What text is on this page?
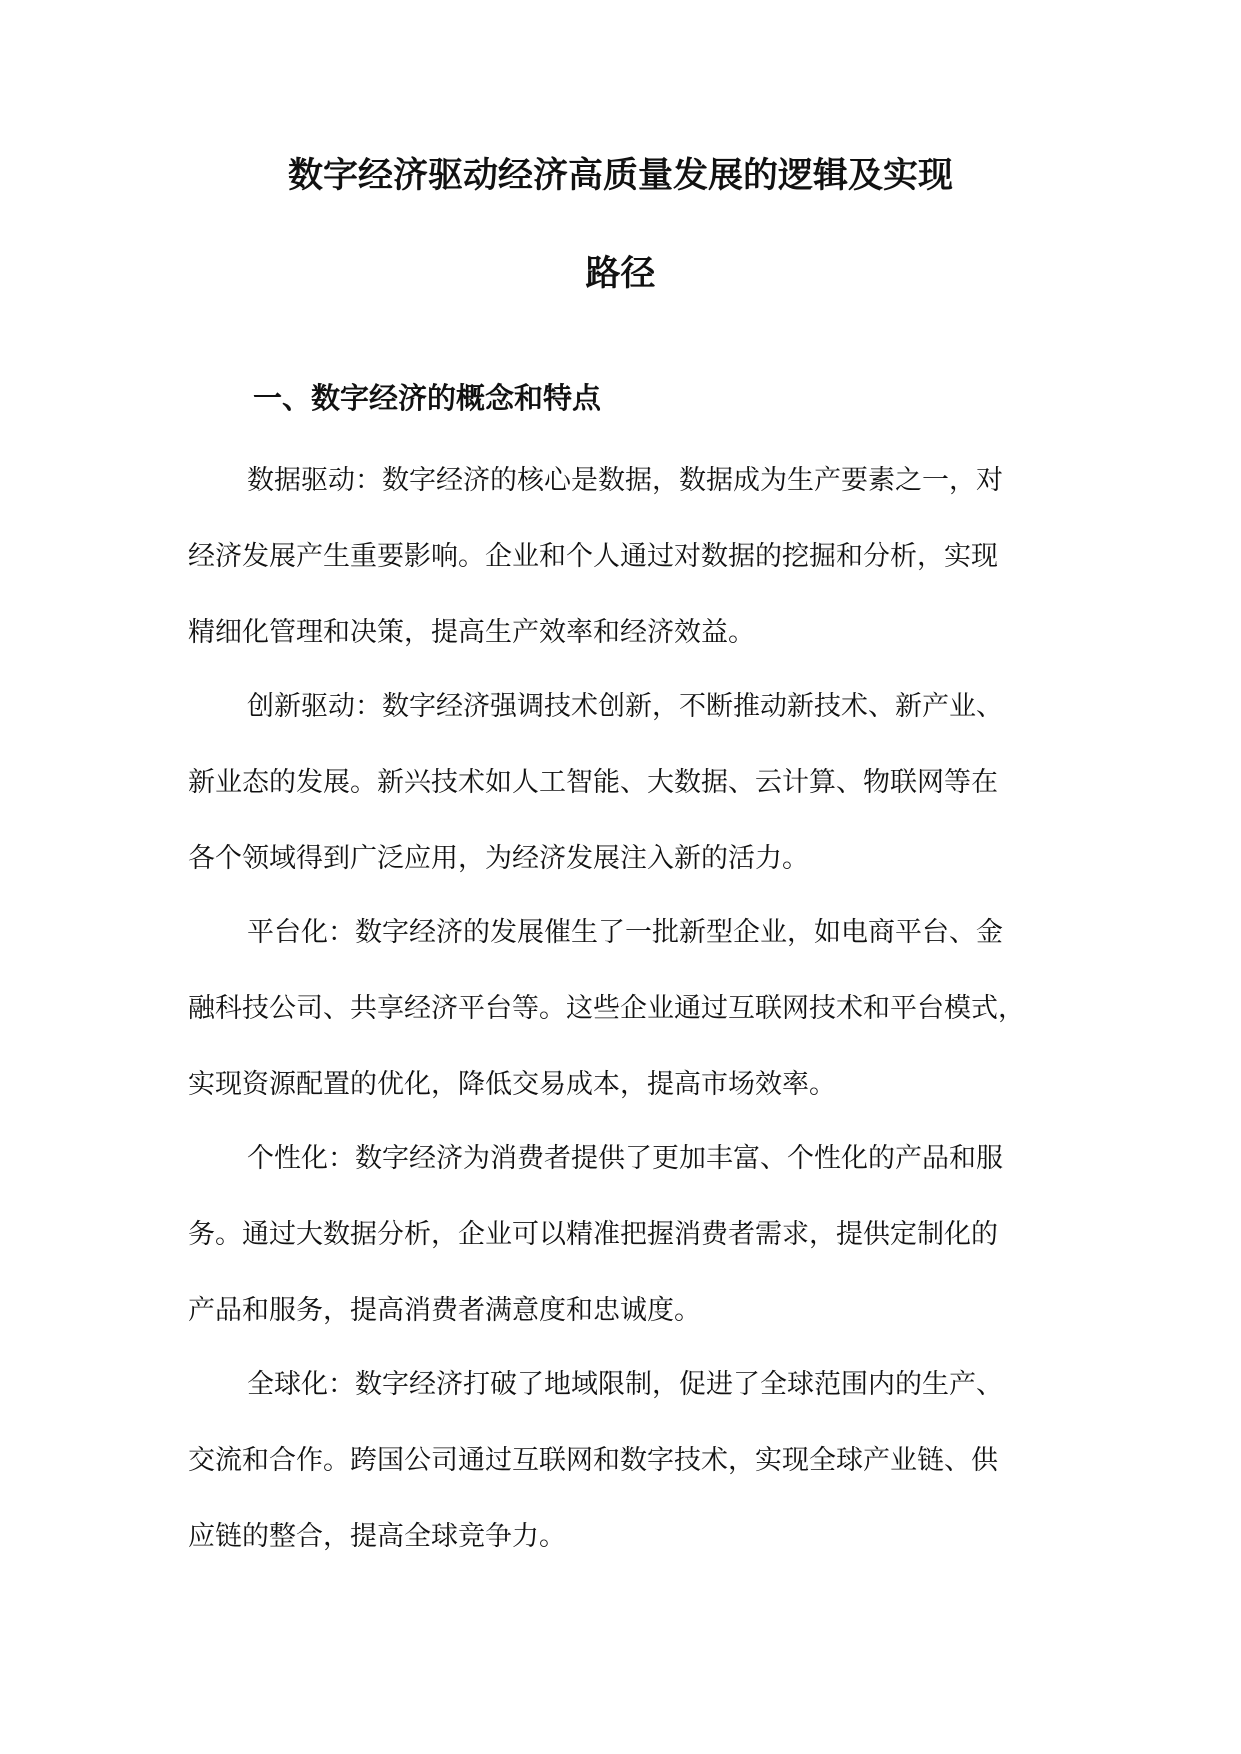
数字经济驱动经济高质量发展的逻辑及实现
路径
一、数字经济的概念和特点
数据驱动：数字经济的核心是数据，数据成为生产要素之一，对
经济发展产生重要影响。企业和个人通过对数据的挖掘和分析，实现
精细化管理和决策，提高生产效率和经济效益。
创新驱动：数字经济强调技术创新，不断推动新技术、新产业、
新业态的发展。新兴技术如人工智能、大数据、云计算、物联网等在
各个领域得到广泛应用，为经济发展注入新的活力。
平台化：数字经济的发展催生了一批新型企业，如电商平台、金
融科技公司、共享经济平台等。这些企业通过互联网技术和平台模式，
实现资源配置的优化，降低交易成本，提高市场效率。
个性化：数字经济为消费者提供了更加丰富、个性化的产品和服
务。通过大数据分析，企业可以精准把握消费者需求，提供定制化的
产品和服务，提高消费者满意度和忠诚度。
全球化：数字经济打破了地域限制，促进了全球范围内的生产、
交流和合作。跨国公司通过互联网和数字技术，实现全球产业链、供
应链的整合，提高全球竞争力。
